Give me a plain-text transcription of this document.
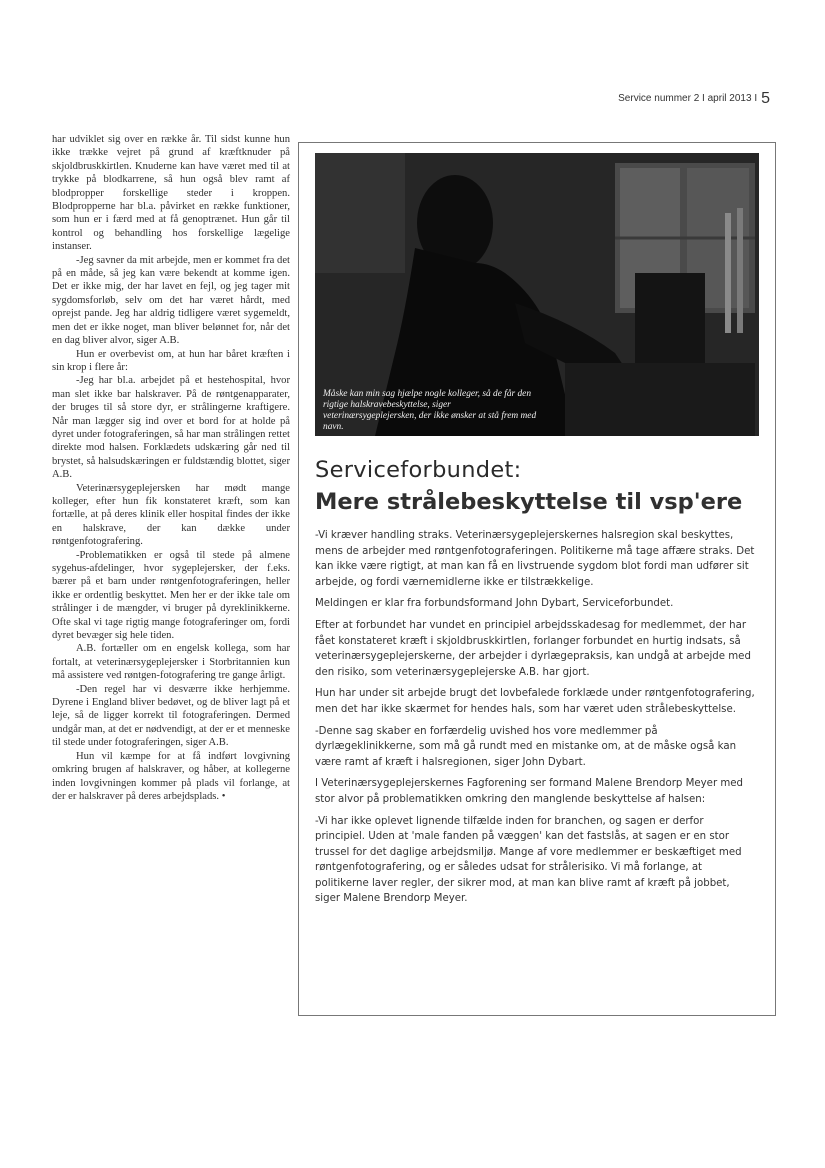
Service nummer 2 I april 2013 I 5

har udviklet sig over en række år. Til sidst kunne hun ikke trække vejret på grund af kræftknuder på skjoldbruskkirtlen. Knuderne kan have været med til at trykke på blodkarrene, så hun også blev ramt af blodpropper forskellige steder i kroppen. Blodpropperne har bl.a. påvirket en række funktioner, som hun er i færd med at få genoptrænet. Hun går til kontrol og behandling hos forskellige lægelige instanser.

-Jeg savner da mit arbejde, men er kommet fra det på en måde, så jeg kan være bekendt at komme igen. Det er ikke mig, der har lavet en fejl, og jeg tager mit sygdomsforløb, selv om det har været hårdt, med oprejst pande. Jeg har aldrig tidligere været sygemeldt, men det er ikke noget, man bliver belønnet for, når det en dag bliver alvor, siger A.B.

Hun er overbevist om, at hun har båret kræften i sin krop i flere år:

-Jeg har bl.a. arbejdet på et hestehospital, hvor man slet ikke bar halskraver. På de røntgenapparater, der bruges til så store dyr, er strålingerne kraftigere. Når man lægger sig ind over et bord for at holde på dyret under fotograferingen, så har man strålingen rettet direkte mod halsen. Forklædets udskæring går ned til brystet, så halsudskæringen er fuldstændig blottet, siger A.B.

Veterinærsygeplejersken har mødt mange kolleger, efter hun fik konstateret kræft, som kan fortælle, at på deres klinik eller hospital findes der ikke en halskrave, der kan dække under røntgenfotografering.

-Problematikken er også til stede på almene sygehus-afdelinger, hvor sygeplejersker, der f.eks. bærer på et barn under røntgenfotograferingen, heller ikke er ordentlig beskyttet. Men her er der ikke tale om strålinger i de mængder, vi bruger på dyreklinikkerne. Ofte skal vi tage rigtig mange fotograferinger om, fordi dyret bevæger sig hele tiden.

A.B. fortæller om en engelsk kollega, som har fortalt, at veterinærsygeplejersker i Storbritannien kun må assistere ved røntgen-fotografering tre gange årligt.

-Den regel har vi desværre ikke herhjemme. Dyrene i England bliver bedøvet, og de bliver lagt på et leje, så de ligger korrekt til fotograferingen. Dermed undgår man, at det er nødvendigt, at der er et menneske til stede under fotograferingen, siger A.B.

Hun vil kæmpe for at få indført lovgivning omkring brugen af halskraver, og håber, at kollegerne inden lovgivningen kommer på plads vil forlange, at der er halskraver på deres arbejdsplads. •

Måske kan min sag hjælpe nogle kolleger, så de får den rigtige halskravebeskyttelse, siger veterinærsygeplejersken, der ikke ønsker at stå frem med navn.
Serviceforbundet:
Mere strålebeskyttelse til vsp'ere

-Vi kræver handling straks. Veterinærsygeplejerskernes halsregion skal beskyttes, mens de arbejder med røntgenfotograferingen. Politikerne må tage affære straks. Det kan ikke være rigtigt, at man kan få en livstruende sygdom blot fordi man udfører sit arbejde, og fordi værnemidlerne ikke er tilstrækkelige.

Meldingen er klar fra forbundsformand John Dybart, Serviceforbundet.

Efter at forbundet har vundet en principiel arbejdsskadesag for medlemmet, der har fået konstateret kræft i skjoldbruskkirtlen, forlanger forbundet en hurtig indsats, så veterinærsygeplejerskerne, der arbejder i dyrlægepraksis, kan undgå at arbejde med den risiko, som veterinærsygeplejerske A.B. har gjort.

Hun har under sit arbejde brugt det lovbefalede forklæde under røntgenfotografering, men det har ikke skærmet for hendes hals, som har været uden strålebeskyttelse.

-Denne sag skaber en forfærdelig uvished hos vore medlemmer på dyrlægeklinikkerne, som må gå rundt med en mistanke om, at de måske også kan være ramt af kræft i halsregionen, siger John Dybart.

I Veterinærsygeplejerskernes Fagforening ser formand Malene Brendorp Meyer med stor alvor på problematikken omkring den manglende beskyttelse af halsen:

-Vi har ikke oplevet lignende tilfælde inden for branchen, og sagen er derfor principiel. Uden at 'male fanden på væggen' kan det fastslås, at sagen er en stor trussel for det daglige arbejdsmiljø. Mange af vore medlemmer er beskæftiget med røntgenfotografering, og er således udsat for strålerisiko. Vi må forlange, at politikerne laver regler, der sikrer mod, at man kan blive ramt af kræft på jobbet, siger Malene Brendorp Meyer.
